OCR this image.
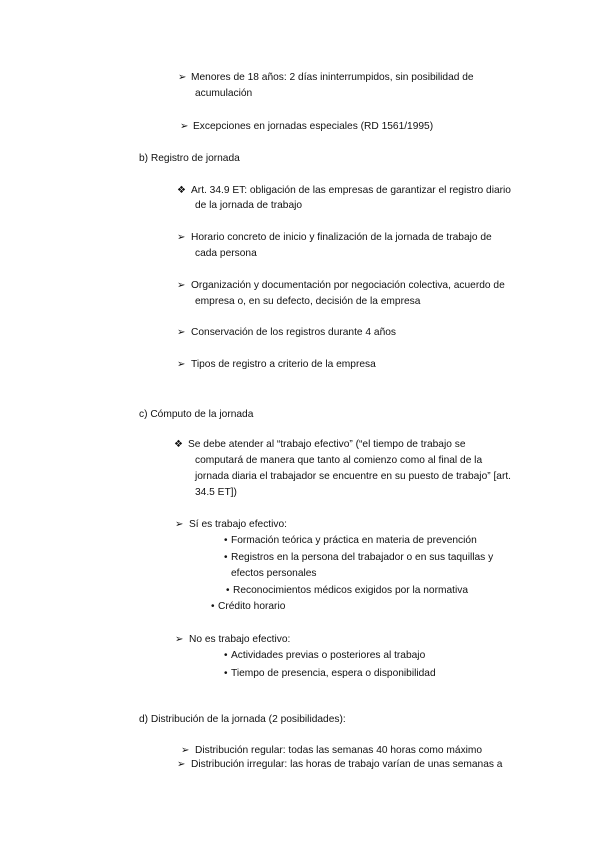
➢ Menores de 18 años: 2 días ininterrumpidos, sin posibilidad de
acumulación
➢ Excepciones en jornadas especiales (RD 1561/1995)
b) Registro de jornada
❖ Art. 34.9 ET: obligación de las empresas de garantizar el registro diario
de la jornada de trabajo
➢ Horario concreto de inicio y finalización de la jornada de trabajo de
cada persona
➢ Organización y documentación por negociación colectiva, acuerdo de
empresa o, en su defecto, decisión de la empresa
➢ Conservación de los registros durante 4 años
➢ Tipos de registro a criterio de la empresa
c) Cómputo de la jornada
❖ Se debe atender al “trabajo efectivo” (“el tiempo de trabajo se
computará de manera que tanto al comienzo como al final de la
jornada diaria el trabajador se encuentre en su puesto de trabajo” [art.
34.5 ET])
➢ Sí es trabajo efectivo:
• Formación teórica y práctica en materia de prevención
• Registros en la persona del trabajador o en sus taquillas y
efectos personales
• Reconocimientos médicos exigidos por la normativa
• Crédito horario
➢ No es trabajo efectivo:
• Actividades previas o posteriores al trabajo
• Tiempo de presencia, espera o disponibilidad
d) Distribución de la jornada (2 posibilidades):
➢ Distribución regular: todas las semanas 40 horas como máximo
➢ Distribución irregular: las horas de trabajo varían de unas semanas a
